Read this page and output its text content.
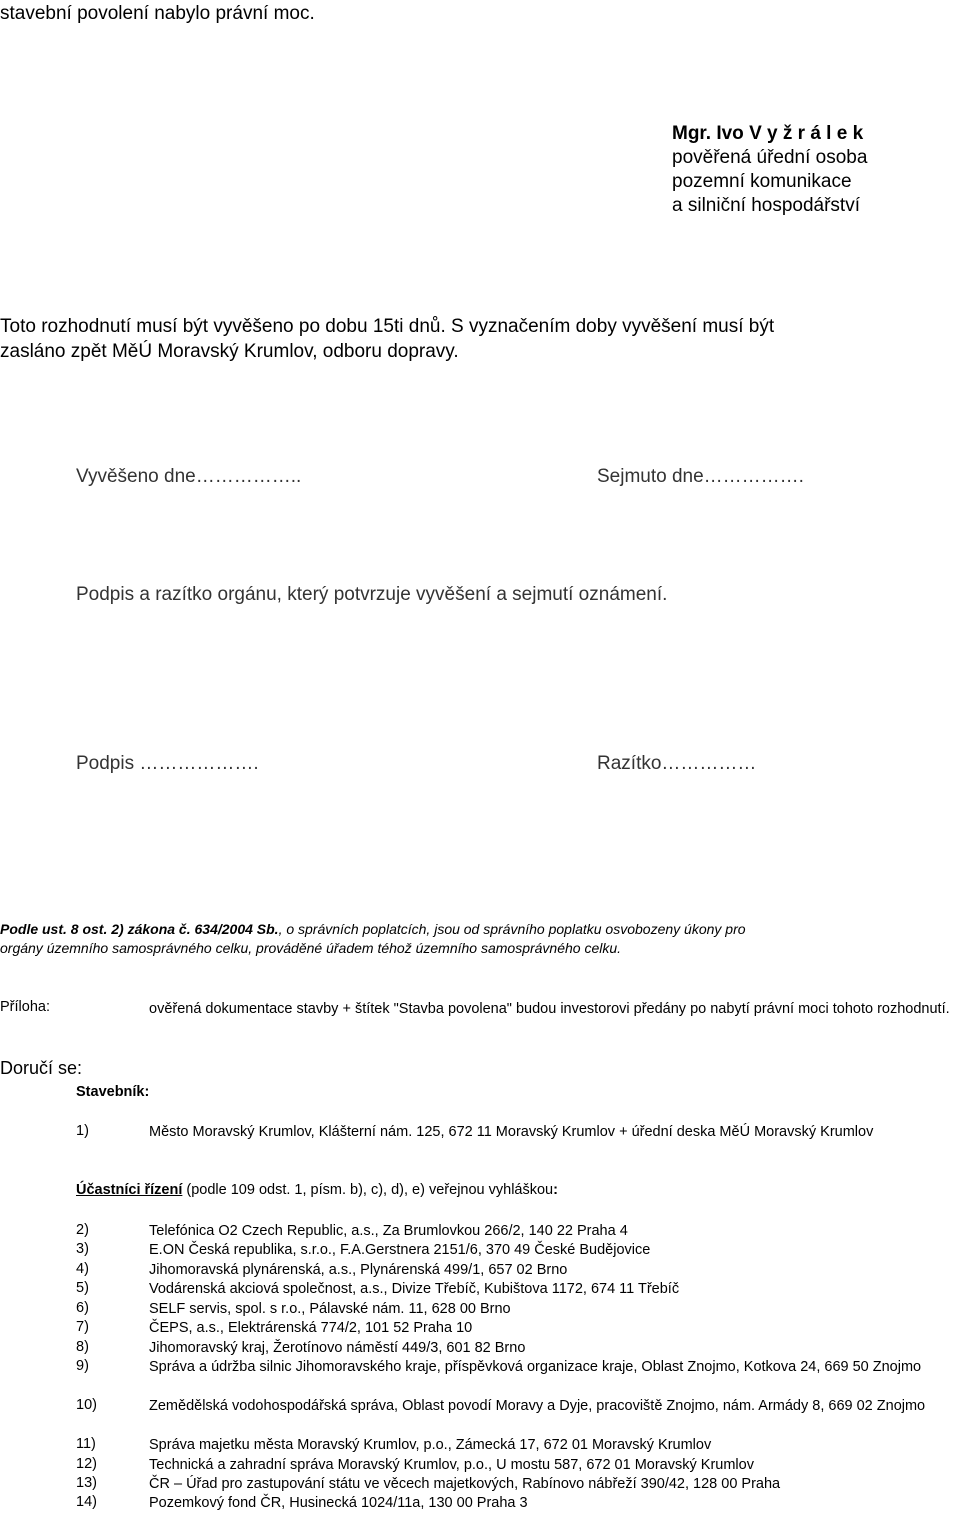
stavební povolení nabylo právní moc.
Mgr. Ivo V y ž r á l e k
pověřená úřední osoba
pozemní komunikace
a silniční hospodářství
Toto rozhodnutí musí být vyvěšeno po dobu 15ti dnů. S vyznačením doby vyvěšení musí být
zasláno zpět MěÚ Moravský Krumlov, odboru dopravy.
Vyvěšeno dne……………..	Sejmuto dne…………….
Podpis a razítko orgánu, který potvrzuje vyvěšení a sejmutí oznámení.
Podpis ……………….	Razítko……………
Podle ust. 8 ost. 2) zákona č. 634/2004 Sb., o správních poplatcích, jsou od správního poplatku osvobozeny úkony pro
orgány územního samosprávného celku, prováděné úřadem téhož územního samosprávného celku.
Příloha:	ověřená dokumentace stavby + štítek "Stavba povolena" budou investorovi předány po nabytí právní moci tohoto rozhodnutí.
Doručí se:
Stavebník:
1)	Město Moravský Krumlov, Klášterní nám. 125, 672 11 Moravský Krumlov + úřední deska MěÚ Moravský Krumlov
Účastníci řízení (podle 109 odst. 1, písm. b), c), d), e) veřejnou vyhláškou:
2)	Telefónica O2 Czech Republic, a.s., Za Brumlovkou 266/2, 140 22 Praha 4
3)	E.ON Česká republika, s.r.o., F.A.Gerstnera 2151/6, 370 49 České Budějovice
4)	Jihomoravská plynárenská, a.s., Plynárenská 499/1, 657 02 Brno
5)	Vodárenská akciová společnost, a.s., Divize Třebíč, Kubištova 1172, 674 11 Třebíč
6)	SELF servis, spol. s r.o., Pálavské nám. 11, 628 00 Brno
7)	ČEPS, a.s., Elektrárenská 774/2, 101 52 Praha 10
8)	Jihomoravský kraj, Žerotínovo náměstí 449/3, 601 82 Brno
9)	Správa a údržba silnic Jihomoravského kraje, příspěvková organizace kraje, Oblast Znojmo, Kotkova 24, 669 50 Znojmo
10)	Zemědělská vodohospodářská správa, Oblast povodí Moravy a Dyje, pracoviště Znojmo, nám. Armády 8, 669 02 Znojmo
11)	Správa majetku města Moravský Krumlov, p.o., Zámecká 17, 672 01 Moravský Krumlov
12)	Technická a zahradní správa Moravský Krumlov, p.o., U mostu 587, 672 01 Moravský Krumlov
13)	ČR – Úřad pro zastupování státu ve věcech majetkových, Rabínovo nábřeží 390/42, 128 00 Praha
14)	Pozemkový fond ČR, Husinecká 1024/11a, 130 00 Praha 3
